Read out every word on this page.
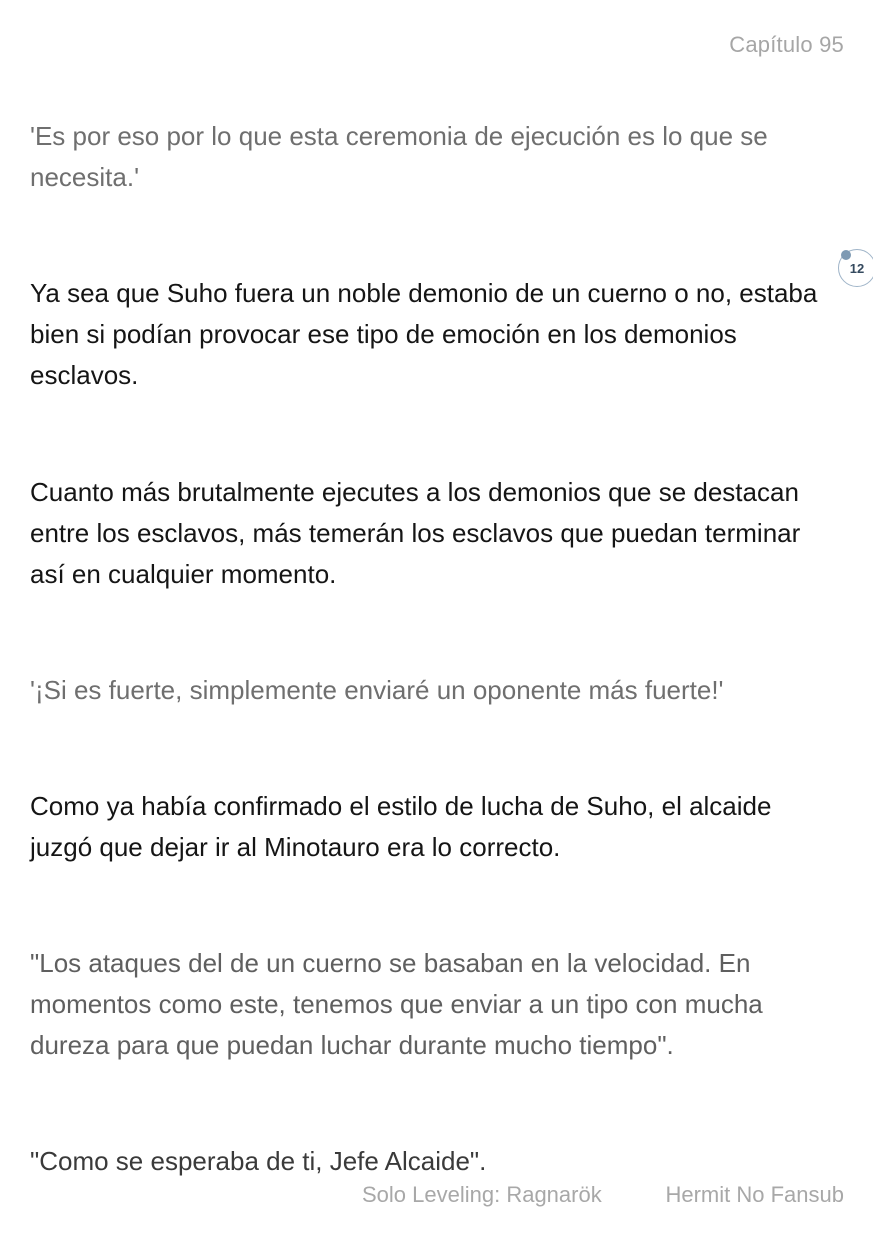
Capítulo 95

'Es por eso por lo que esta ceremonia de ejecución es lo que se necesita.'

12

Ya sea que Suho fuera un noble demonio de un cuerno o no, estaba bien si podían provocar ese tipo de emoción en los demonios esclavos.

Cuanto más brutalmente ejecutes a los demonios que se destacan entre los esclavos, más temerán los esclavos que puedan terminar así en cualquier momento.

'¡Si es fuerte, simplemente enviaré un oponente más fuerte!'

Como ya había confirmado el estilo de lucha de Suho, el alcaide juzgó que dejar ir al Minotauro era lo correcto.

"Los ataques del de un cuerno se basaban en la velocidad. En momentos como este, tenemos que enviar a un tipo con mucha dureza para que puedan luchar durante mucho tiempo".

"Como se esperaba de ti, Jefe Alcaide".

Solo Leveling: Ragnarök	Hermit No Fansub
